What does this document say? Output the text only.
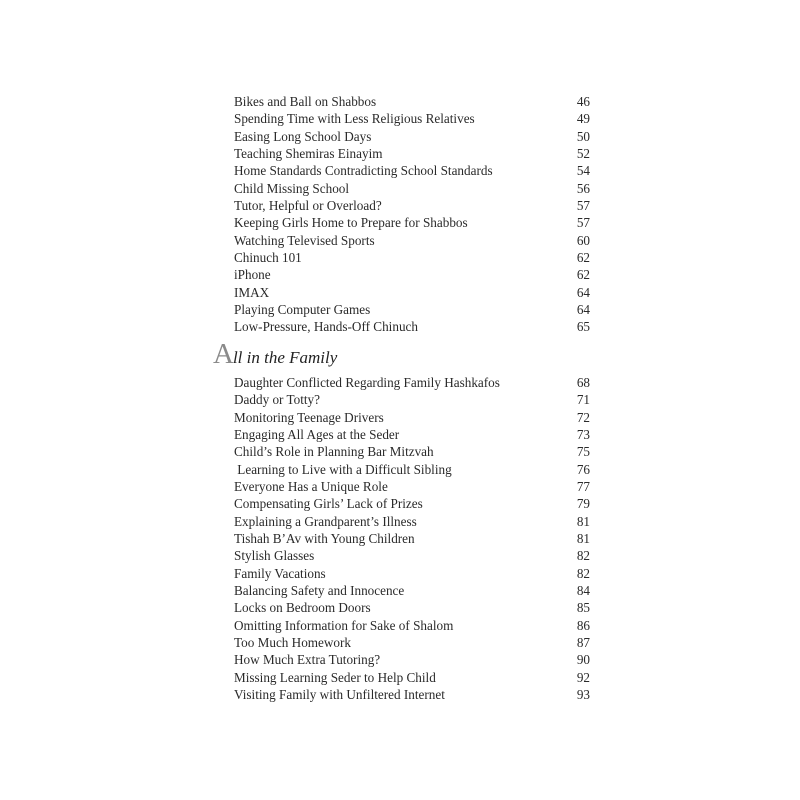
Bikes and Ball on Shabbos	46
Spending Time with Less Religious Relatives	49
Easing Long School Days	50
Teaching Shemiras Einayim	52
Home Standards Contradicting School Standards	54
Child Missing School	56
Tutor, Helpful or Overload?	57
Keeping Girls Home to Prepare for Shabbos	57
Watching Televised Sports	60
Chinuch 101	62
iPhone	62
IMAX	64
Playing Computer Games	64
Low-Pressure, Hands-Off Chinuch	65
All in the Family
Daughter Conflicted Regarding Family Hashkafos	68
Daddy or Totty?	71
Monitoring Teenage Drivers	72
Engaging All Ages at the Seder	73
Child’s Role in Planning Bar Mitzvah	75
Learning to Live with a Difficult Sibling	76
Everyone Has a Unique Role	77
Compensating Girls’ Lack of Prizes	79
Explaining a Grandparent’s Illness	81
Tishah B’Av with Young Children	81
Stylish Glasses	82
Family Vacations	82
Balancing Safety and Innocence	84
Locks on Bedroom Doors	85
Omitting Information for Sake of Shalom	86
Too Much Homework	87
How Much Extra Tutoring?	90
Missing Learning Seder to Help Child	92
Visiting Family with Unfiltered Internet	93
